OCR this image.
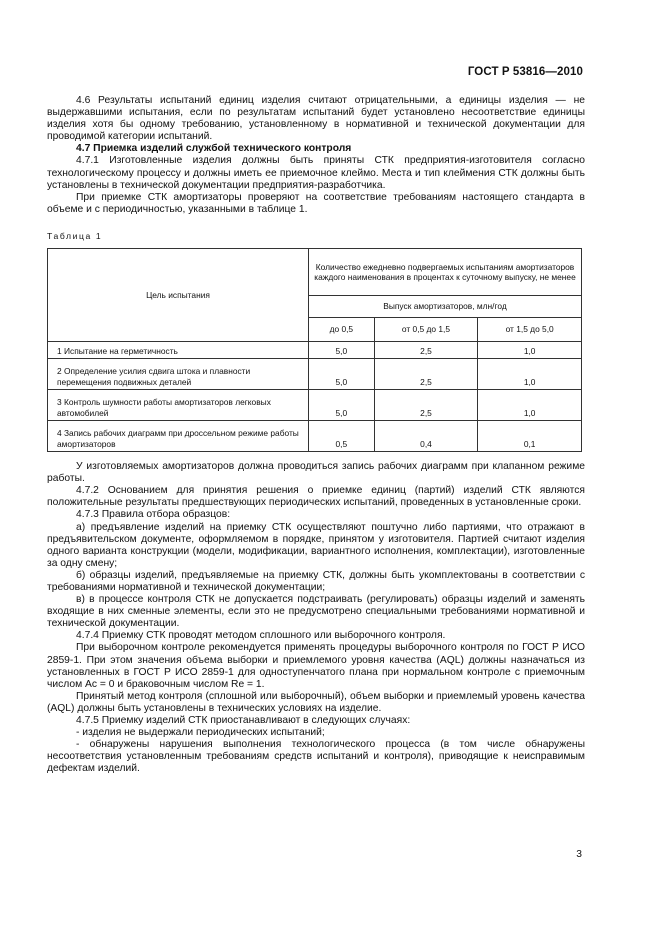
ГОСТ Р 53816—2010

4.6 Результаты испытаний единиц изделия считают отрицательными, а единицы изделия — не выдержавшими испытания, если по результатам испытаний будет установлено несоответствие единицы изделия хотя бы одному требованию, установленному в нормативной и технической документации для проводимой категории испытаний.

4.7 Приемка изделий службой технического контроля

4.7.1 Изготовленные изделия должны быть приняты СТК предприятия-изготовителя согласно технологическому процессу и должны иметь ее приемочное клеймо. Места и тип клеймения СТК должны быть установлены в технической документации предприятия-разработчика.

При приемке СТК амортизаторы проверяют на соответствие требованиям настоящего стандарта в объеме и с периодичностью, указанными в таблице 1.

Таблица 1

Цель испытания	Количество ежедневно подвергаемых испытаниям амортизаторов каждого наименования в процентах к суточному выпуску, не менее		
	Выпуск амортизаторов, млн/год		
	до 0,5	от 0,5 до 1,5	от 1,5 до 5,0
1 Испытание на герметичность	5,0	2,5	1,0
2 Определение усилия сдвига штока и плавности перемещения подвижных деталей	5,0	2,5	1,0
3 Контроль шумности работы амортизаторов легковых автомобилей	5,0	2,5	1,0
4 Запись рабочих диаграмм при дроссельном режиме работы амортизаторов	0,5	0,4	0,1

У изготовляемых амортизаторов должна проводиться запись рабочих диаграмм при клапанном режиме работы.

4.7.2 Основанием для принятия решения о приемке единиц (партий) изделий СТК являются положительные результаты предшествующих периодических испытаний, проведенных в установленные сроки.

4.7.3 Правила отбора образцов:

а) предъявление изделий на приемку СТК осуществляют поштучно либо партиями, что отражают в предъявительском документе, оформляемом в порядке, принятом у изготовителя. Партией считают изделия одного варианта конструкции (модели, модификации, вариантного исполнения, комплектации), изготовленные за одну смену;

б) образцы изделий, предъявляемые на приемку СТК, должны быть укомплектованы в соответствии с требованиями нормативной и технической документации;

в) в процессе контроля СТК не допускается подстраивать (регулировать) образцы изделий и заменять входящие в них сменные элементы, если это не предусмотрено специальными требованиями нормативной и технической документации.

4.7.4 Приемку СТК проводят методом сплошного или выборочного контроля.

При выборочном контроле рекомендуется применять процедуры выборочного контроля по ГОСТ Р ИСО 2859-1. При этом значения объема выборки и приемлемого уровня качества (AQL) должны назначаться из установленных в ГОСТ Р ИСО 2859-1 для одноступенчатого плана при нормальном контроле с приемочным числом Ас = 0 и браковочным числом Re = 1.

Принятый метод контроля (сплошной или выборочный), объем выборки и приемлемый уровень качества (AQL) должны быть установлены в технических условиях на изделие.

4.7.5 Приемку изделий СТК приостанавливают в следующих случаях:

- изделия не выдержали периодических испытаний;

- обнаружены нарушения выполнения технологического процесса (в том числе обнаружены несоответствия установленным требованиям средств испытаний и контроля), приводящие к неисправимым дефектам изделий.

3
